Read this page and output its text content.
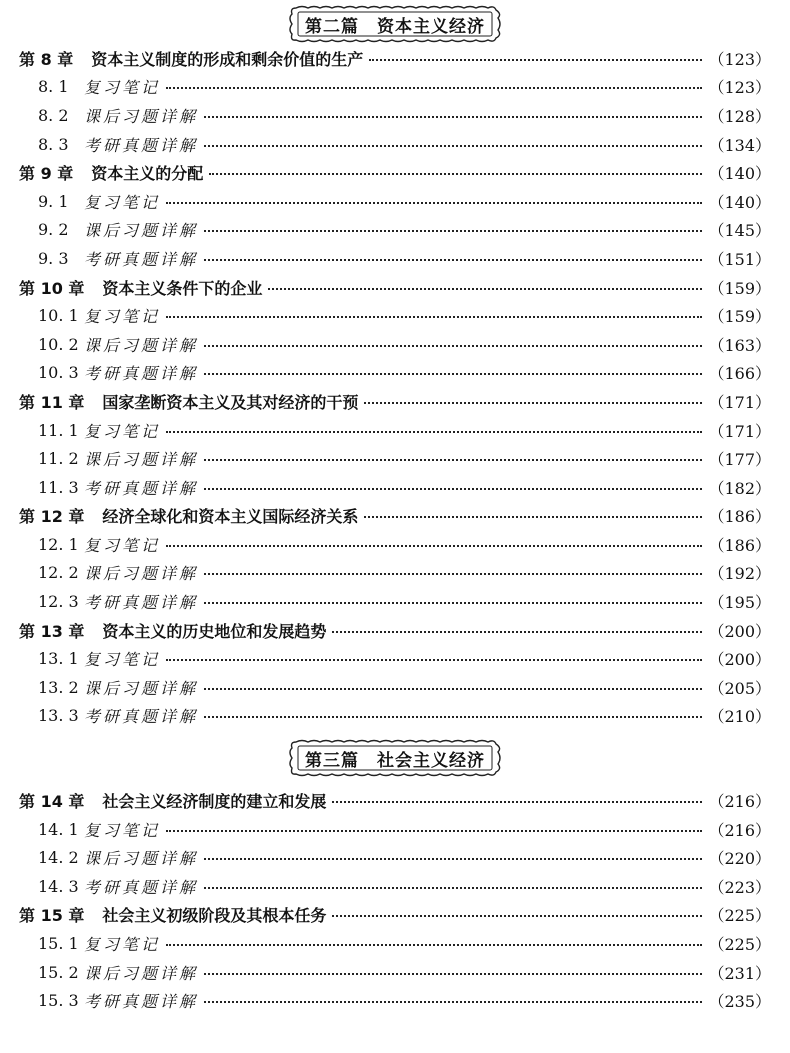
第二篇　资本主义经济
第 8 章 资本主义制度的形成和剩余价值的生产	（123）
8. 1 复习笔记	（123）
8. 2 课后习题详解	（128）
8. 3 考研真题详解	（134）
第 9 章 资本主义的分配	（140）
9. 1 复习笔记	（140）
9. 2 课后习题详解	（145）
9. 3 考研真题详解	（151）
第 10 章 资本主义条件下的企业	（159）
10. 1 复习笔记	（159）
10. 2 课后习题详解	（163）
10. 3 考研真题详解	（166）
第 11 章 国家垄断资本主义及其对经济的干预	（171）
11. 1 复习笔记	（171）
11. 2 课后习题详解	（177）
11. 3 考研真题详解	（182）
第 12 章 经济全球化和资本主义国际经济关系	（186）
12. 1 复习笔记	（186）
12. 2 课后习题详解	（192）
12. 3 考研真题详解	（195）
第 13 章 资本主义的历史地位和发展趋势	（200）
13. 1 复习笔记	（200）
13. 2 课后习题详解	（205）
13. 3 考研真题详解	（210）
第三篇　社会主义经济
第 14 章 社会主义经济制度的建立和发展	（216）
14. 1 复习笔记	（216）
14. 2 课后习题详解	（220）
14. 3 考研真题详解	（223）
第 15 章 社会主义初级阶段及其根本任务	（225）
15. 1 复习笔记	（225）
15. 2 课后习题详解	（231）
15. 3 考研真题详解	（235）
